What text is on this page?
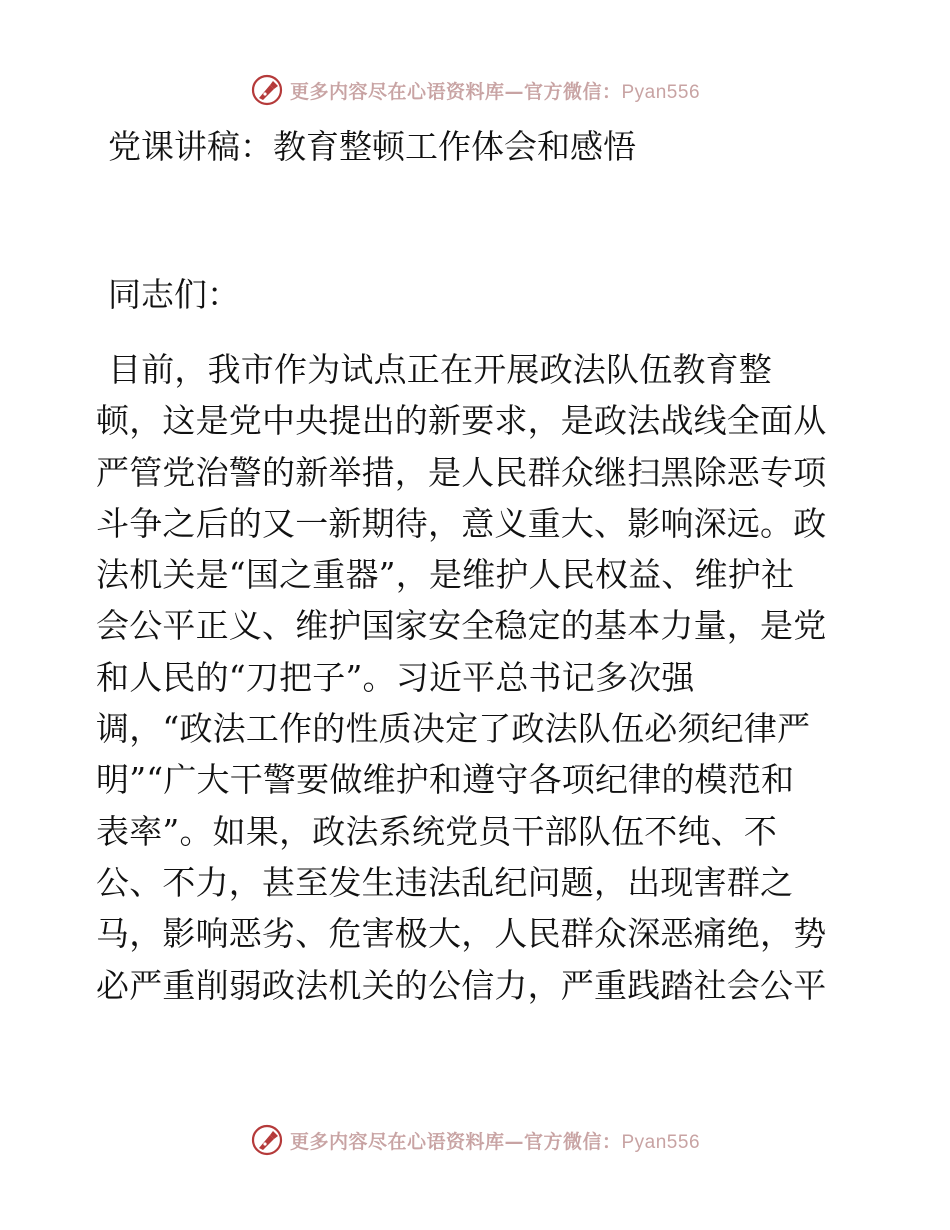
更多内容尽在心语资料库—官方微信：Pyan556
党课讲稿：教育整顿工作体会和感悟

同志们：

目前，我市作为试点正在开展政法队伍教育整
顿，这是党中央提出的新要求，是政法战线全面从
严管党治警的新举措，是人民群众继扫黑除恶专项
斗争之后的又一新期待，意义重大、影响深远。政
法机关是“国之重器”，是维护人民权益、维护社
会公平正义、维护国家安全稳定的基本力量，是党
和人民的“刀把子”。习近平总书记多次强
调，“政法工作的性质决定了政法队伍必须纪律严
明”“广大干警要做维护和遵守各项纪律的模范和
表率”。如果，政法系统党员干部队伍不纯、不
公、不力，甚至发生违法乱纪问题，出现害群之
马，影响恶劣、危害极大，人民群众深恶痛绝，势
必严重削弱政法机关的公信力，严重践踏社会公平
更多内容尽在心语资料库—官方微信：Pyan556
